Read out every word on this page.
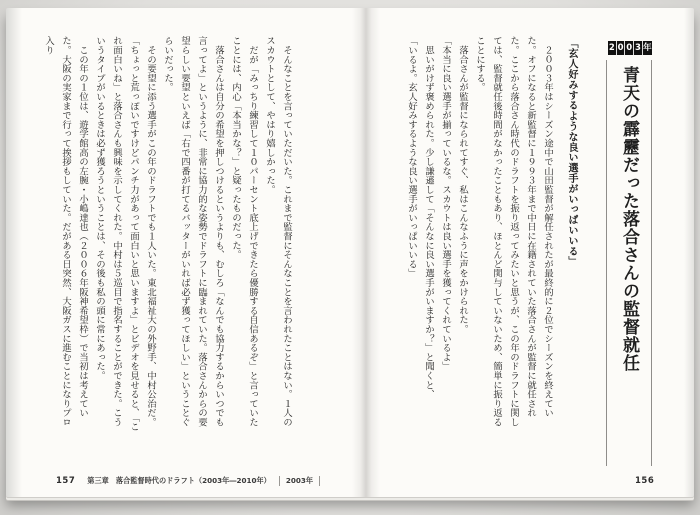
2 0 0 3 年
青天の霹靂だった落合さんの監督就任
「玄人好みするような良い選手がいっぱいいる」

　２００３年はシーズン途中で山田監督が解任されたが最終的に２位でシーズンを終えていた。オフになると新監督に１９９３年まで中日に在籍されていた落合さんが監督に就任された。ここから落合さん時代のドラフトを振り返ってみたいと思うが、この年のドラフトに関しては、監督就任後時間がなかったこともあり、ほとんど関与していないため、簡単に振り返ることにする。

　落合さんが監督になられてすぐ、私はこんなふうに声をかけられた。

「本当に良い選手が揃っているな。スカウトは良い選手を獲ってくれているよ」

　思いがけず褒められた。少し謙遜して「そんなに良い選手がいますか？」と聞くと、

「いるよ。玄人好みするような良い選手がいっぱいいる」

156

　そんなことを言っていただいた。これまで監督にそんなことを言われたことはない。１人のスカウトとして、やはり嬉しかった。

　だが「みっちり練習して１０パーセント底上げできたら優勝する自信あるぞ」と言っていたことには、内心「本当かな？」と疑ったものだった。

　落合さんは自分の希望を押しつけるというよりも、むしろ「なんでも協力するからいつでも言ってよ」というように、非常に協力的な姿勢でドラフトに臨まれていた。落合さんからの要望らしい要望といえば「右で四番が打てるバッターがいれば必ず獲ってほしい」ということぐらいだった。

　その要望に添う選手がこの年のドラフトでも１人いた。東北福祉大の外野手、中村公治だ。「ちょっと荒っぽいですけどパンチ力があって面白いと思いますよ」とビデオを見せると、「これ面白いね」と落合さんも興味を示してくれた。中村は５巡目で指名することができた。こういうタイプがいるときは必ず獲ろうということは、その後も私の頭に常にあった。

　この年の１位は、遊学館高の左腕・小嶋達也（２００６年阪神希望枠）で当初は考えていた。大阪の実家まで行って挨拶もしていた。だがある日突然、大阪ガスに進むことになりプロ入り

157 第三章 落合監督時代のドラフト（2003年―2010年）	2003年
